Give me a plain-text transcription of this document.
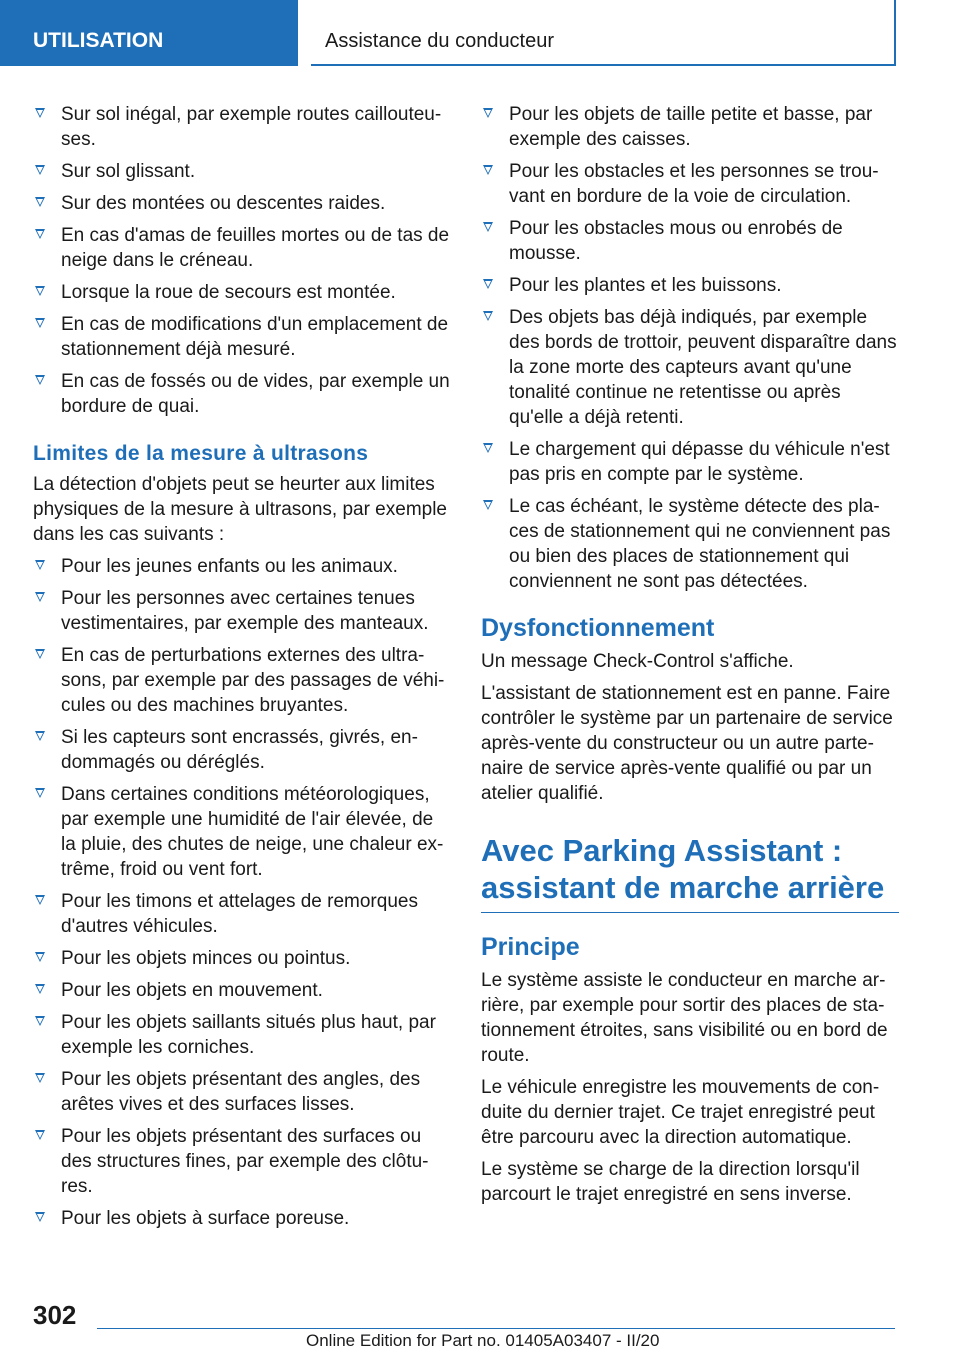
UTILISATION	Assistance du conducteur
Sur sol inégal, par exemple routes caillouteu-ses.
Sur sol glissant.
Sur des montées ou descentes raides.
En cas d'amas de feuilles mortes ou de tas de neige dans le créneau.
Lorsque la roue de secours est montée.
En cas de modifications d'un emplacement de stationnement déjà mesuré.
En cas de fossés ou de vides, par exemple un bordure de quai.
Limites de la mesure à ultrasons

La détection d'objets peut se heurter aux limites physiques de la mesure à ultrasons, par exemple dans les cas suivants :

Pour les jeunes enfants ou les animaux.
Pour les personnes avec certaines tenues vestimentaires, par exemple des manteaux.
En cas de perturbations externes des ultra-sons, par exemple par des passages de véhi-cules ou des machines bruyantes.
Si les capteurs sont encrassés, givrés, en-dommagés ou déréglés.
Dans certaines conditions météorologiques, par exemple une humidité de l'air élevée, de la pluie, des chutes de neige, une chaleur ex-trême, froid ou vent fort.
Pour les timons et attelages de remorques d'autres véhicules.
Pour les objets minces ou pointus.
Pour les objets en mouvement.
Pour les objets saillants situés plus haut, par exemple les corniches.
Pour les objets présentant des angles, des arêtes vives et des surfaces lisses.
Pour les objets présentant des surfaces ou des structures fines, par exemple des clôtu-res.
Pour les objets à surface poreuse.
Pour les objets de taille petite et basse, par exemple des caisses.
Pour les obstacles et les personnes se trou-vant en bordure de la voie de circulation.
Pour les obstacles mous ou enrobés de mousse.
Pour les plantes et les buissons.
Des objets bas déjà indiqués, par exemple des bords de trottoir, peuvent disparaître dans la zone morte des capteurs avant qu'une tonalité continue ne retentisse ou après qu'elle a déjà retenti.
Le chargement qui dépasse du véhicule n'est pas pris en compte par le système.
Le cas échéant, le système détecte des pla-ces de stationnement qui ne conviennent pas ou bien des places de stationnement qui conviennent ne sont pas détectées.
Dysfonctionnement

Un message Check-Control s'affiche.

L'assistant de stationnement est en panne. Faire contrôler le système par un partenaire de service après-vente du constructeur ou un autre parte-naire de service après-vente qualifié ou par un atelier qualifié.

Avec Parking Assistant : assistant de marche arrière
Principe

Le système assiste le conducteur en marche ar-rière, par exemple pour sortir des places de sta-tionnement étroites, sans visibilité ou en bord de route.

Le véhicule enregistre les mouvements de con-duite du dernier trajet. Ce trajet enregistré peut être parcouru avec la direction automatique.

Le système se charge de la direction lorsqu'il parcourt le trajet enregistré en sens inverse.

302
Online Edition for Part no. 01405A03407 - II/20
